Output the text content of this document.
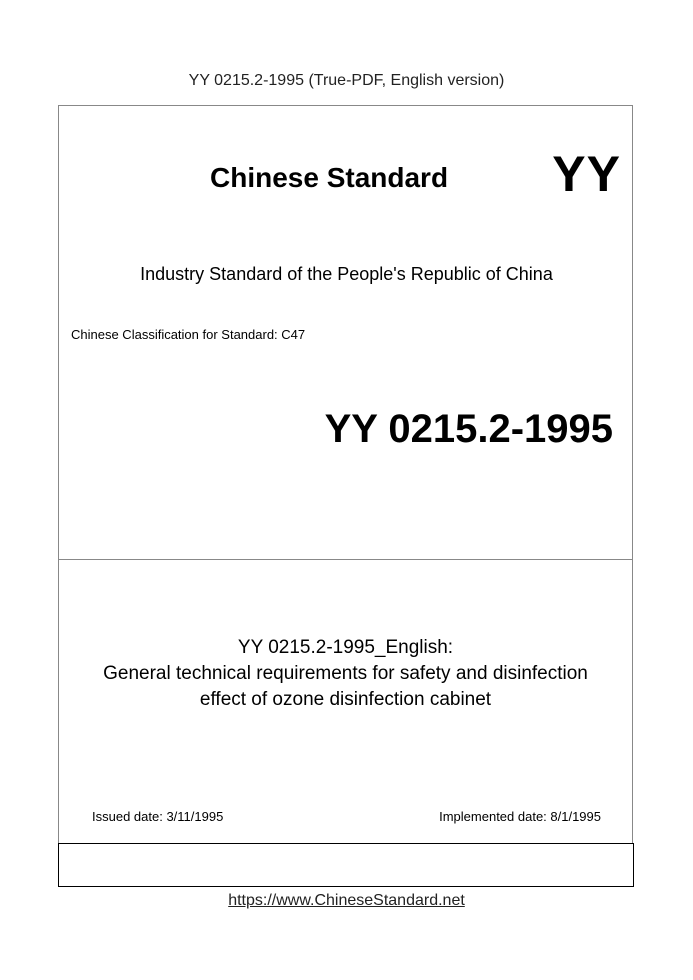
YY 0215.2-1995 (True-PDF, English version)
Chinese Standard YY
Industry Standard of the People's Republic of China
Chinese Classification for Standard: C47
YY 0215.2-1995
YY 0215.2-1995_English:
General technical requirements for safety and disinfection
effect of ozone disinfection cabinet
Issued date: 3/11/1995	Implemented date: 8/1/1995
https://www.ChineseStandard.net
